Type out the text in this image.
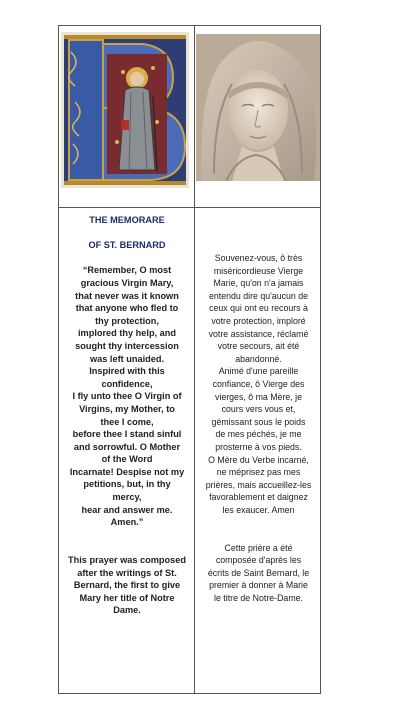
THE MEMORARE

OF ST. BERNARD

“Remember, O most

gracious Virgin Mary,

that never was it known

that anyone who fled to

thy protection,

implored thy help, and

sought thy intercession

was left unaided.

Inspired with this

confidence,

I fly unto thee O Virgin of

Virgins, my Mother, to

thee I come,

before thee I stand sinful

and sorrowful. O Mother

of the Word

Incarnate! Despise not my

petitions, but, in thy

mercy,

hear and answer me.

Amen.”

This prayer was composed

after the writings of St.

Bernard, the first to give

Mary her title of Notre

Dame.

Souvenez-vous, ô très

miséricordieuse Vierge

Marie, qu'on n'a jamais

entendu dire qu'aucun de

ceux qui ont eu recours à

votre protection, imploré

votre assistance, réclamé

votre secours, ait été

abandonné.

Animé d'une pareille

confiance, ô Vierge des

vierges, ô ma Mère, je

cours vers vous et,

gémissant sous le poids

de mes péchés, je me

prosterne à vos pieds.

O Mère du Verbe incarné,

ne méprisez pas mes

prières, mais accueillez-les

favorablement et daignez

les exaucer. Amen

Cette prière a été

composée d'après les

écrits de Saint Bernard, le

premier à donner à Marie

le titre de Notre-Dame.
